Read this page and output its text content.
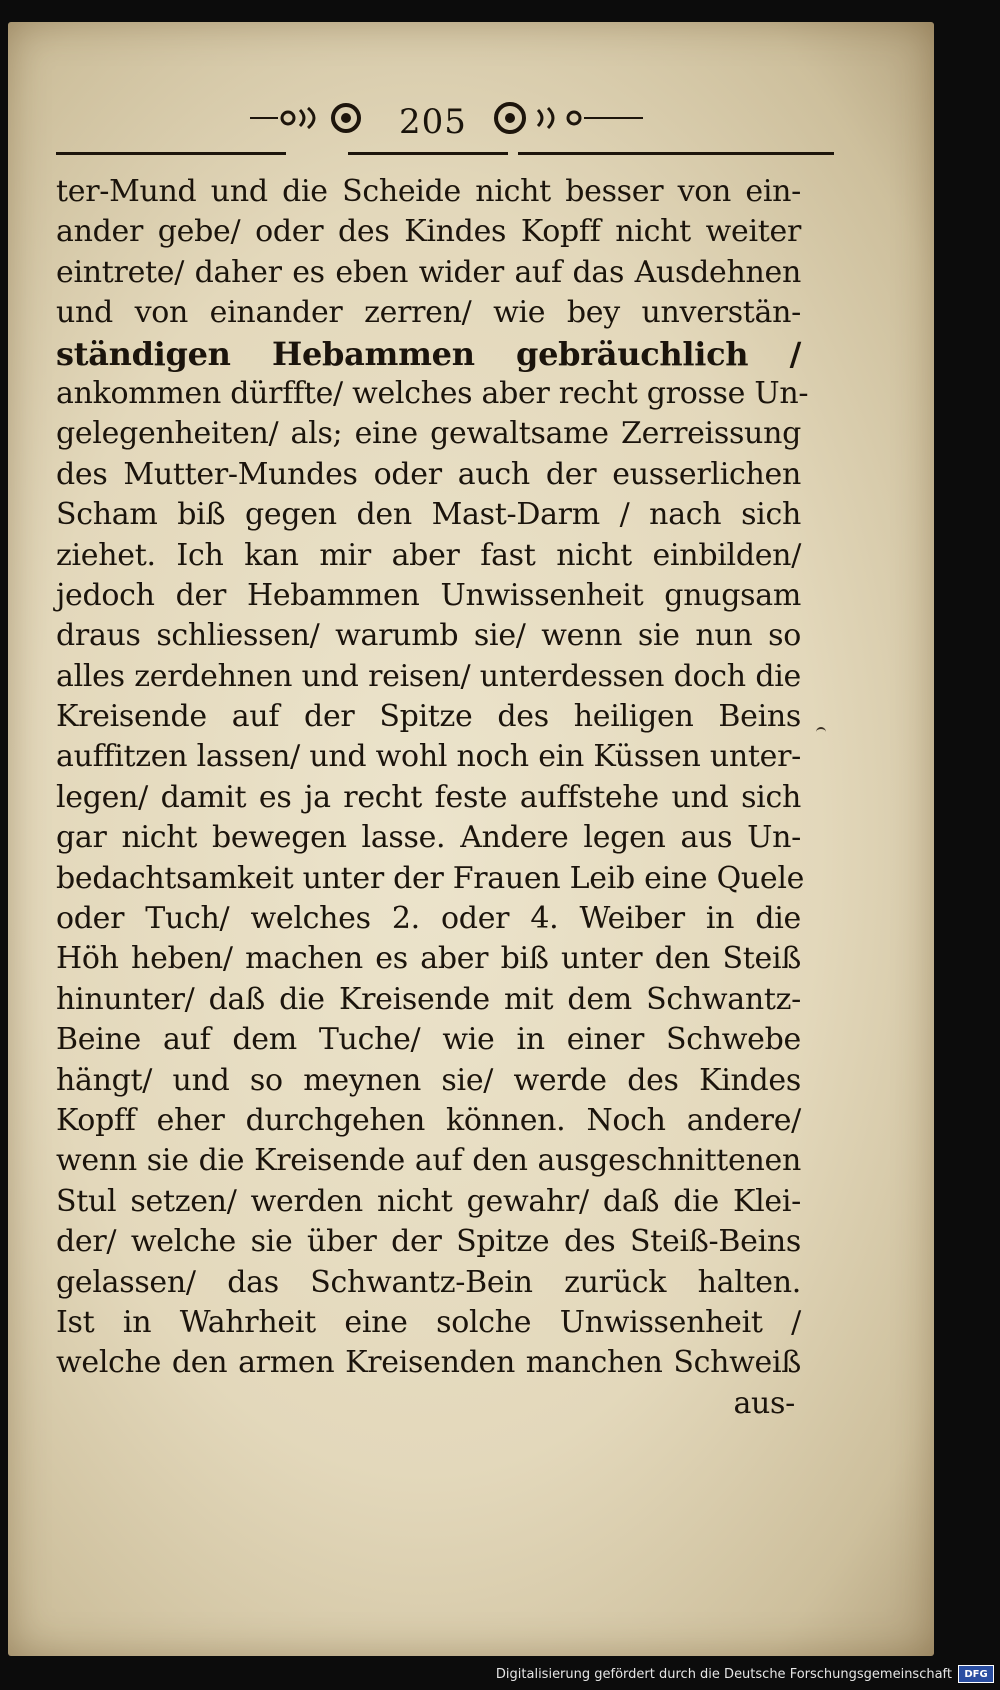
205
ter-Mund und die Scheide nicht besser von ein-
ander gebe/ oder des Kindes Kopff nicht weiter
eintrete/ daher es eben wider auf das Ausdehnen
und von einander zerren/ wie bey unverstän-
ständigen Hebammen gebräuchlich /
ankommen dürffte/ welches aber recht grosse Un-
gelegenheiten/ als; eine gewaltsame Zerreissung
des Mutter-Mundes oder auch der eusserlichen
Scham biß gegen den Mast-Darm / nach sich
ziehet. Ich kan mir aber fast nicht einbilden/
jedoch der Hebammen Unwissenheit gnugsam
draus schliessen/ warumb sie/ wenn sie nun so
alles zerdehnen und reisen/ unterdessen doch die
Kreisende auf der Spitze des heiligen Beins
auffitzen lassen/ und wohl noch ein Küssen unter-
legen/ damit es ja recht feste auffstehe und sich
gar nicht bewegen lasse. Andere legen aus Un-
bedachtsamkeit unter der Frauen Leib eine Quele
oder Tuch/ welches 2. oder 4. Weiber in die
Höh heben/ machen es aber biß unter den Steiß
hinunter/ daß die Kreisende mit dem Schwantz-
Beine auf dem Tuche/ wie in einer Schwebe
hängt/ und so meynen sie/ werde des Kindes
Kopff eher durchgehen können. Noch andere/
wenn sie die Kreisende auf den ausgeschnittenen
Stul setzen/ werden nicht gewahr/ daß die Klei-
der/ welche sie über der Spitze des Steiß-Beins
gelassen/ das Schwantz-Bein zurück halten.
Ist in Wahrheit eine solche Unwissenheit /
welche den armen Kreisenden manchen Schweiß
aus-
Digitalisierung gefördert durch die Deutsche Forschungsgemeinschaft	DFG
